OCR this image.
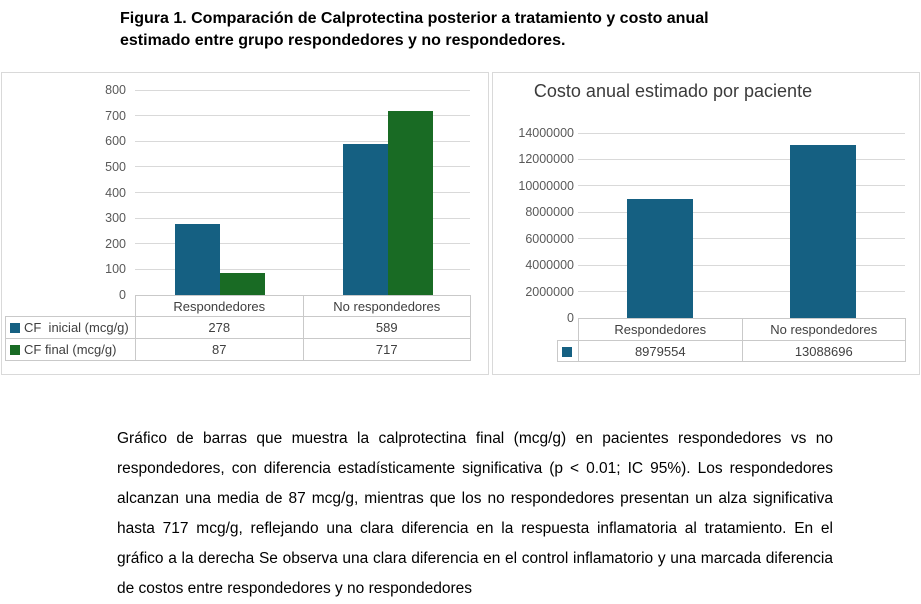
Figura 1. Comparación de Calprotectina posterior a tratamiento y costo anual
estimado entre grupo respondedores y no respondedores.
0
100
200
300
400
500
600
700
800
	Respondedores	No respondedores
CF  inicial (mcg/g)	278	589
CF final (mcg/g)	87	717
Costo anual estimado por paciente
0
2000000
4000000
6000000
8000000
10000000
12000000
14000000
	Respondedores	No respondedores
	8979554	13088696
Gráfico de barras que muestra la calprotectina final (mcg/g) en pacientes respondedores vs no respondedores, con diferencia estadísticamente significativa (p < 0.01; IC 95%). Los respondedores alcanzan una media de 87 mcg/g, mientras que los no respondedores presentan un alza significativa hasta 717 mcg/g, reflejando una clara diferencia en la respuesta inflamatoria al tratamiento. En el gráfico a la derecha Se observa una clara diferencia en el control inflamatorio y una marcada diferencia de costos entre respondedores y no respondedores
